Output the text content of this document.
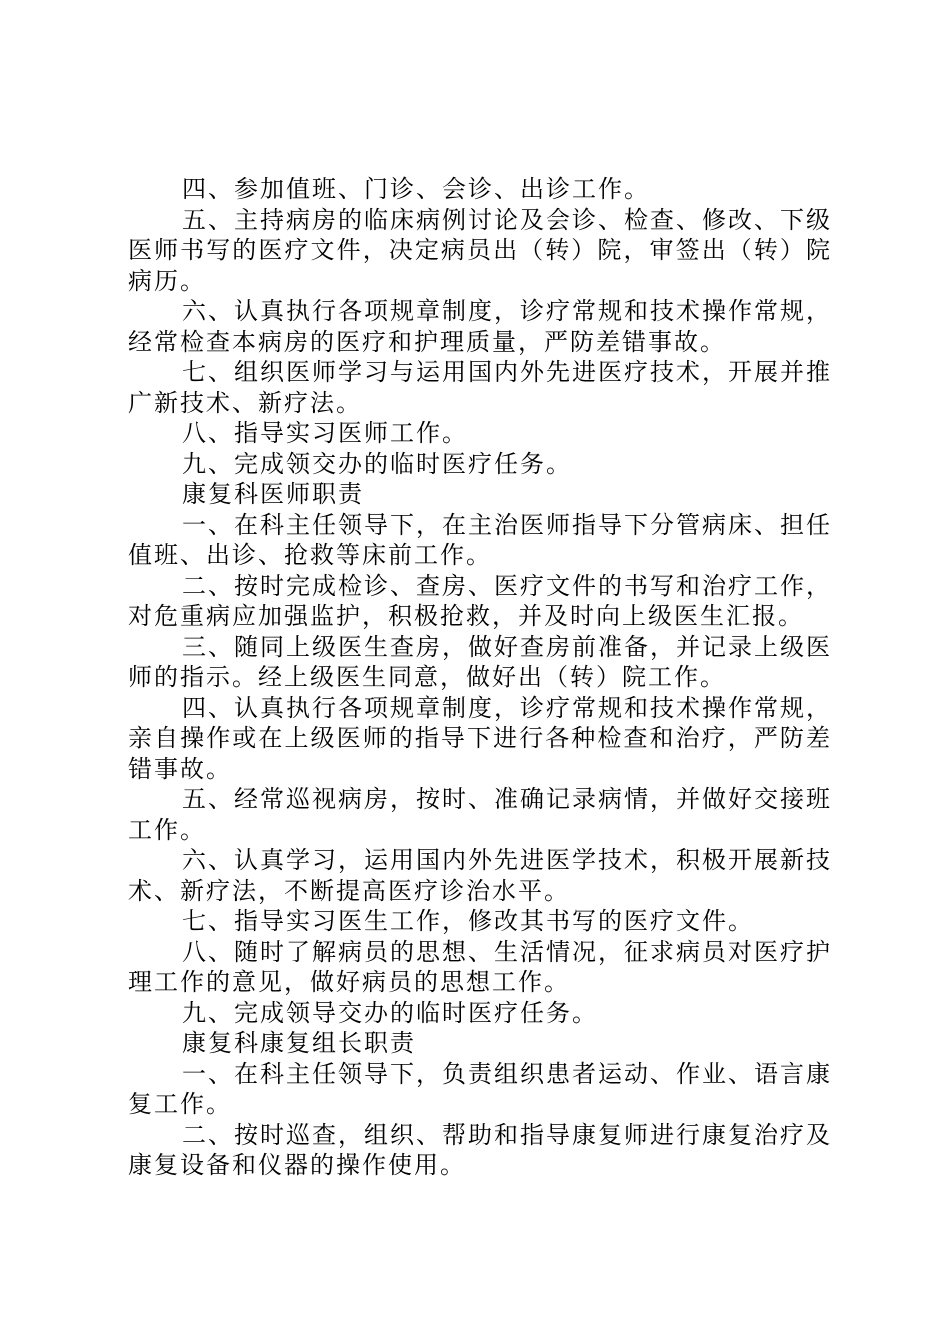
四、参加值班、门诊、会诊、出诊工作。

五、主持病房的临床病例讨论及会诊、检查、修改、下级医师书写的医疗文件，决定病员出（转）院，审签出（转）院病历。

六、认真执行各项规章制度，诊疗常规和技术操作常规，经常检查本病房的医疗和护理质量，严防差错事故。

七、组织医师学习与运用国内外先进医疗技术，开展并推广新技术、新疗法。

八、指导实习医师工作。

九、完成领交办的临时医疗任务。

康复科医师职责

一、在科主任领导下，在主治医师指导下分管病床、担任值班、出诊、抢救等床前工作。

二、按时完成检诊、查房、医疗文件的书写和治疗工作，对危重病应加强监护，积极抢救，并及时向上级医生汇报。

三、随同上级医生查房，做好查房前准备，并记录上级医师的指示。经上级医生同意，做好出（转）院工作。

四、认真执行各项规章制度，诊疗常规和技术操作常规，亲自操作或在上级医师的指导下进行各种检查和治疗，严防差错事故。

五、经常巡视病房，按时、准确记录病情，并做好交接班工作。

六、认真学习，运用国内外先进医学技术，积极开展新技术、新疗法，不断提高医疗诊治水平。

七、指导实习医生工作，修改其书写的医疗文件。

八、随时了解病员的思想、生活情况，征求病员对医疗护理工作的意见，做好病员的思想工作。

九、完成领导交办的临时医疗任务。

康复科康复组长职责

一、在科主任领导下，负责组织患者运动、作业、语言康复工作。

二、按时巡查，组织、帮助和指导康复师进行康复治疗及康复设备和仪器的操作使用。
